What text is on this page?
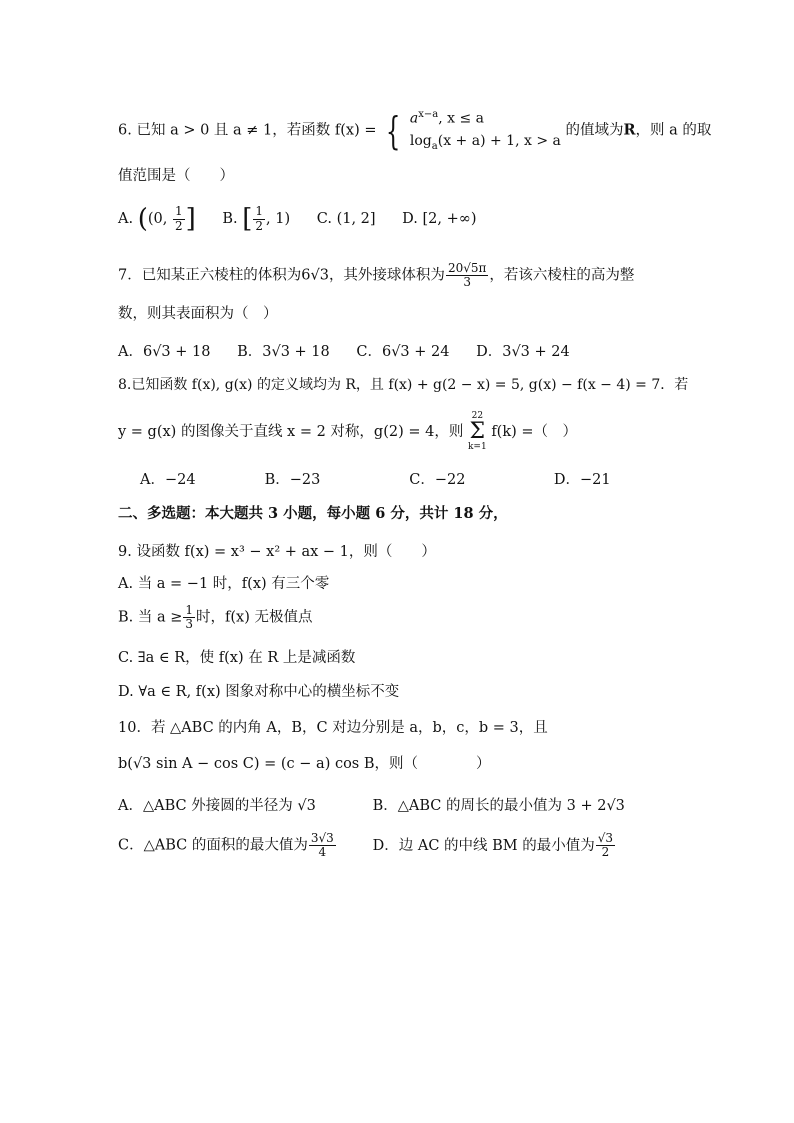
6. 已知 a > 0 且 a ≠ 1，若函数 f(x) = { $a^{x-a}$, x ≤ a
$\log_a(x + a) + 1$, x > a
的值域为R，则 a 的取
值范围是（　　）
A. ((0, $\frac{1}{2}$ ] B. [ $\frac{1}{2}$ , 1) C. (1, 2] D. [2, +∞)
7．已知某正六棱柱的体积为6√3，其外接球体积为 $\frac{20√5\pi}{3}$ ，若该六棱柱的高为整
数，则其表面积为（　）
A．6√3 + 18 B．3√3 + 18 C．6√3 + 24 D．3√3 + 24
8.已知函数 f(x), g(x) 的定义域均为 R，且 f(x) + g(2 − x) = 5, g(x) − f(x − 4) = 7．若
y = g(x) 的图像关于直线 x = 2 对称，g(2) = 4，则 22
Σ
k=1 f(k) =（　）
A．−24	B．−23	C．−22	D．−21
二、多选题：本大题共 3 小题，每小题 6 分，共计 18 分，
9. 设函数 f(x) = x³ − x² + ax − 1，则（　　）
A. 当 a = −1 时，f(x) 有三个零
B. 当 $a \ge \frac{1}{3}$ 时，f(x) 无极值点
C. ∃a ∈ R，使 f(x) 在 R 上是减函数
D. ∀a ∈ R, f(x) 图象对称中心的横坐标不变
10．若 △ABC 的内角 A，B，C 对边分别是 a，b，c，b = 3，且
b(√3 sin A − cos C) = (c − a) cos B，则（　　　　）
A．△ABC 外接圆的半径为 √3	B．△ABC 的周长的最小值为 3 + 2√3
C．△ABC 的面积的最大值为 $\frac{3√3}{4}$	D．边 AC 的中线 BM 的最小值为 $\frac{√3}{2}$
